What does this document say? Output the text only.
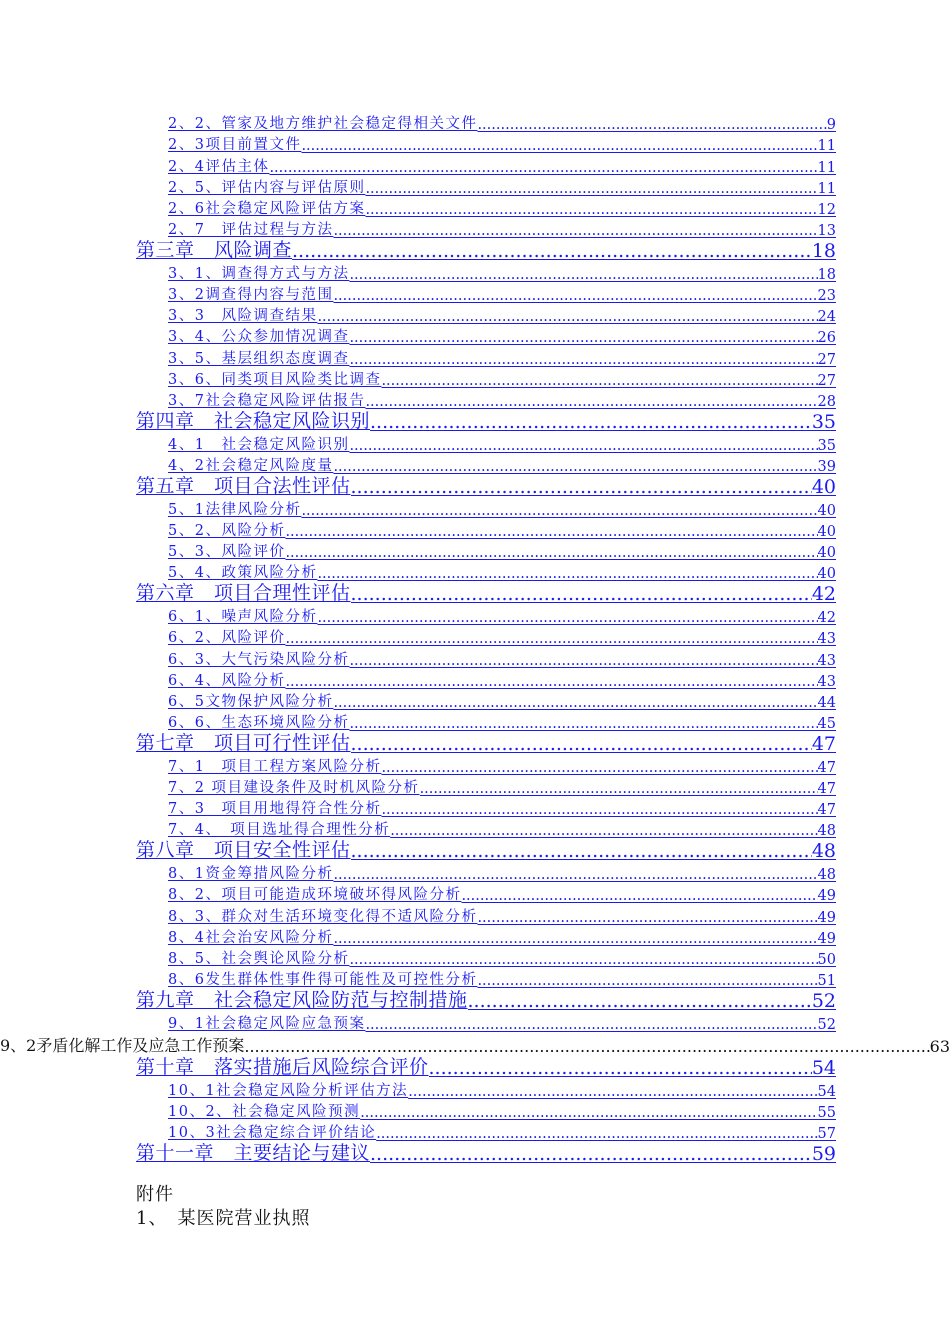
2、2、管家及地方维护社会稳定得相关文件 .....	9
2、3项目前置文件 .....	11
2、4评估主体 .....	11
2、5、评估内容与评估原则 .....	11
2、6社会稳定风险评估方案 .....	12
2、7　评估过程与方法 .....	13
第三章　风险调查 .....	18
3、1、调查得方式与方法 .....	18
3、2调查得内容与范围 .....	23
3、3　风险调查结果 .....	24
3、4、公众参加情况调查 .....	26
3、5、基层组织态度调查 .....	27
3、6、同类项目风险类比调查 .....	27
3、7社会稳定风险评估报告 .....	28
第四章　社会稳定风险识别 .....	35
4、1　社会稳定风险识别 .....	35
4、2社会稳定风险度量 .....	39
第五章　项目合法性评估 .....	40
5、1法律风险分析 .....	40
5、2、风险分析 .....	40
5、3、风险评价 .....	40
5、4、政策风险分析 .....	40
第六章　项目合理性评估 .....	42
6、1、噪声风险分析 .....	42
6、2、风险评价 .....	43
6、3、大气污染风险分析 .....	43
6、4、风险分析 .....	43
6、5文物保护风险分析 .....	44
6、6、生态环境风险分析 .....	45
第七章　项目可行性评估 .....	47
7、1　项目工程方案风险分析 .....	47
7、2 项目建设条件及时机风险分析 .....	47
7、3　项目用地得符合性分析 .....	47
7、4、　项目选址得合理性分析 .....	48
第八章　项目安全性评估 .....	48
8、1资金筹措风险分析 .....	48
8、2、项目可能造成环境破坏得风险分析 .....	49
8、3、群众对生活环境变化得不适风险分析 .....	49
8、4社会治安风险分析 .....	49
8、5、社会舆论风险分析 .....	50
8、6发生群体性事件得可能性及可控性分析 .....	51
第九章　社会稳定风险防范与控制措施 .....	52
9、1社会稳定风险应急预案 .....	52
9、2矛盾化解工作及应急工作预案 .....	63
第十章　落实措施后风险综合评价 .....	54
10、1社会稳定风险分析评估方法 .....	54
10、2、社会稳定风险预测 .....	55
10、3社会稳定综合评价结论 .....	57
第十一章　主要结论与建议 .....	59
附件
1、　某医院营业执照
